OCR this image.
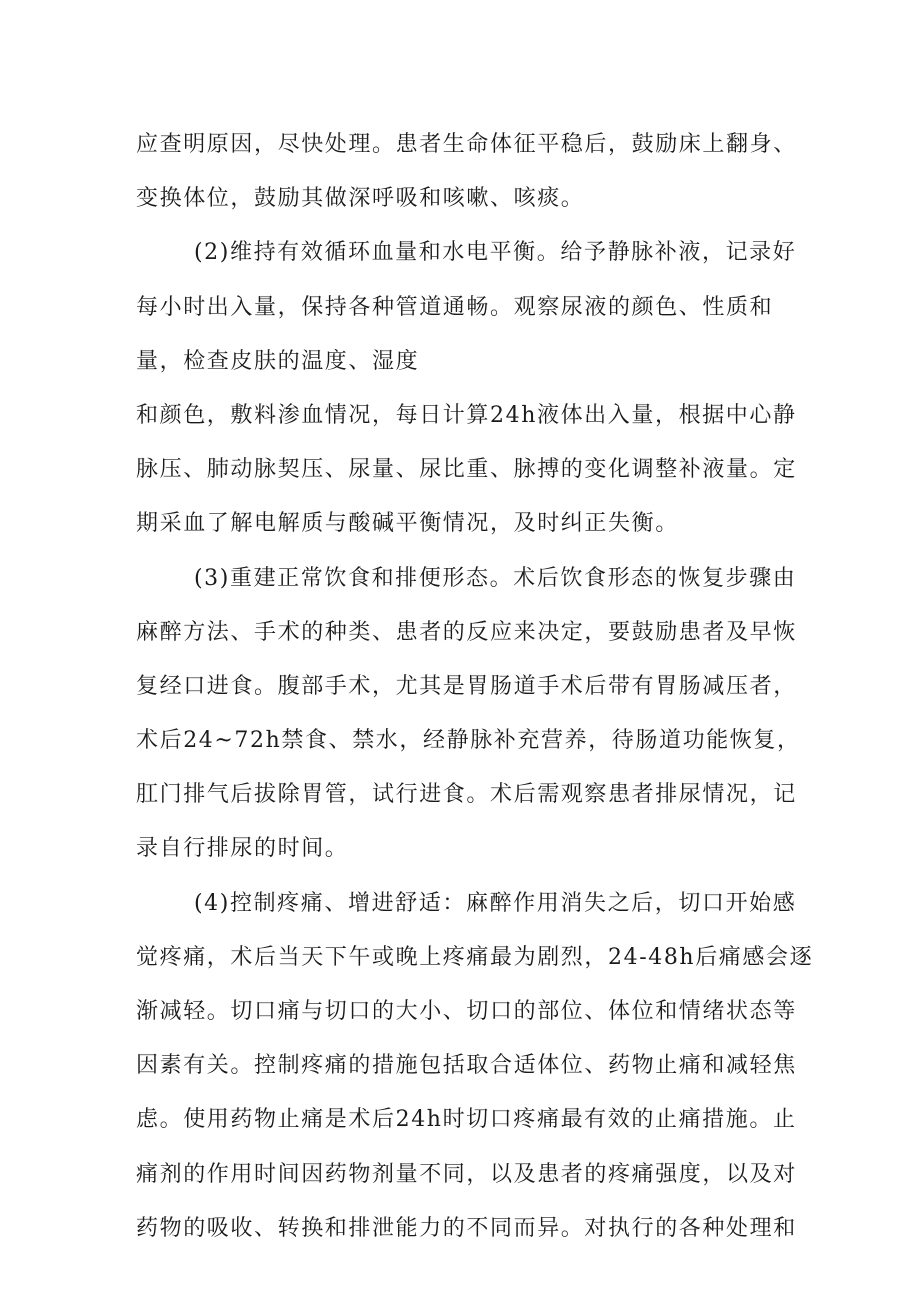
应查明原因，尽快处理。患者生命体征平稳后，鼓励床上翻身、
变换体位，鼓励其做深呼吸和咳嗽、咳痰。
(2)维持有效循环血量和水电平衡。给予静脉补液，记录好
每小时出入量，保持各种管道通畅。观察尿液的颜色、性质和
量，检查皮肤的温度、湿度
和颜色，敷料渗血情况，每日计算24h液体出入量，根据中心静
脉压、肺动脉契压、尿量、尿比重、脉搏的变化调整补液量。定
期采血了解电解质与酸碱平衡情况，及时纠正失衡。
(3)重建正常饮食和排便形态。术后饮食形态的恢复步骤由
麻醉方法、手术的种类、患者的反应来决定，要鼓励患者及早恢
复经口进食。腹部手术，尤其是胃肠道手术后带有胃肠减压者，
术后24~72h禁食、禁水，经静脉补充营养，待肠道功能恢复，
肛门排气后拔除胃管，试行进食。术后需观察患者排尿情况，记
录自行排尿的时间。
(4)控制疼痛、增进舒适：麻醉作用消失之后，切口开始感
觉疼痛，术后当天下午或晚上疼痛最为剧烈，24-48h后痛感会逐
渐减轻。切口痛与切口的大小、切口的部位、体位和情绪状态等
因素有关。控制疼痛的措施包括取合适体位、药物止痛和减轻焦
虑。使用药物止痛是术后24h时切口疼痛最有效的止痛措施。止
痛剂的作用时间因药物剂量不同，以及患者的疼痛强度，以及对
药物的吸收、转换和排泄能力的不同而异。对执行的各种处理和
